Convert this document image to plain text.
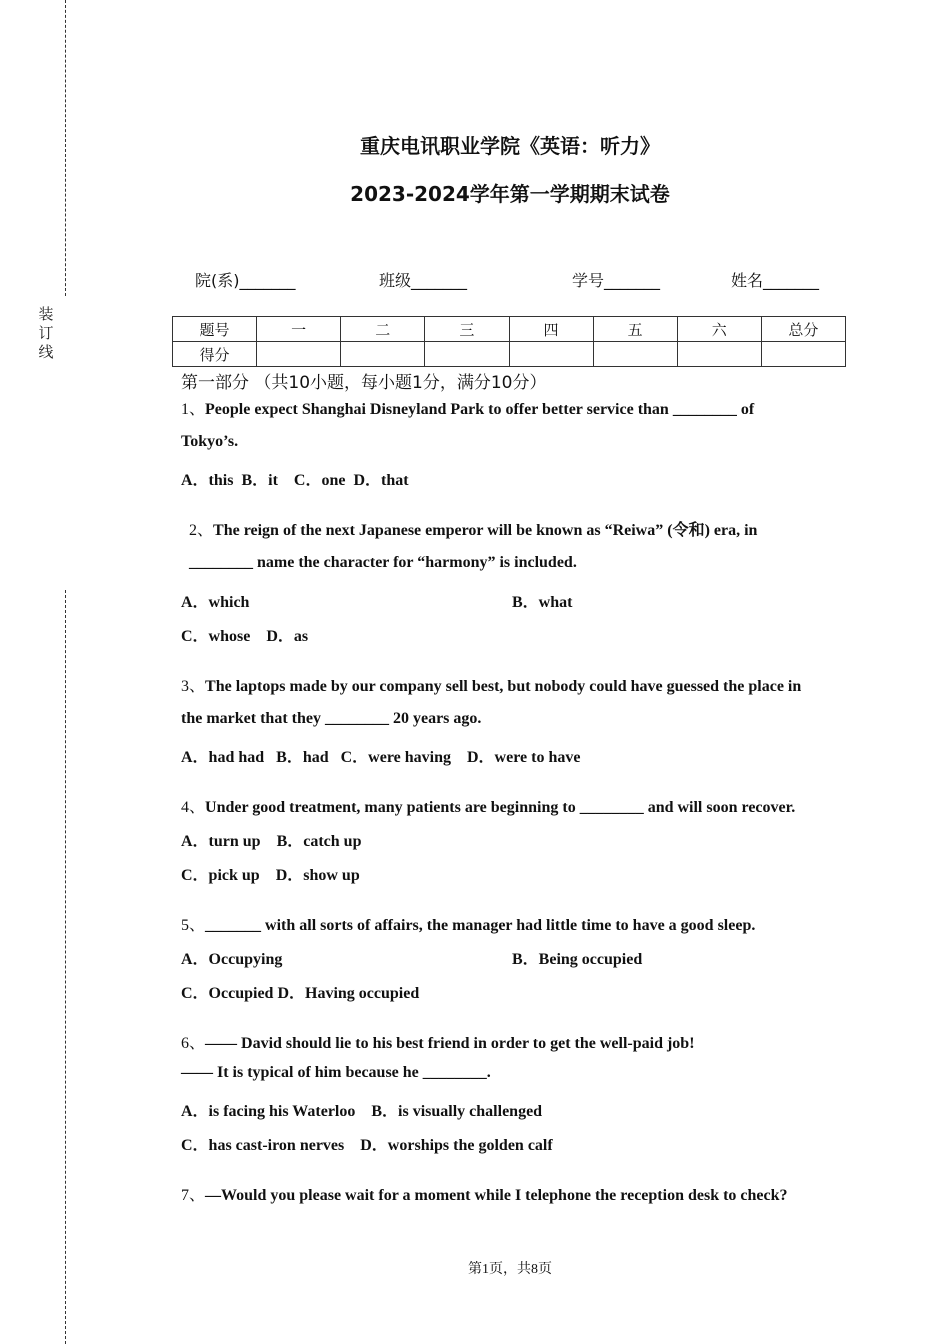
装
订
线
重庆电讯职业学院《英语：听力》
2023-2024学年第一学期期末试卷
院(系)_______	班级_______	学号_______	姓名_______
题号	一	二	三	四	五	六	总分
得分							
第一部分 （共10小题，每小题1分，满分10分）
1、People expect Shanghai Disneyland Park to offer better service than ________ of
Tokyo’s.
A．this  B．it    C．one  D．that
2、The reign of the next Japanese emperor will be known as “Reiwa” (令和) era, in
________ name the character for “harmony” is included.
A．which	B．what
C．whose    D．as
3、The laptops made by our company sell best, but nobody could have guessed the place in
the market that they ________ 20 years ago.
A．had had   B．had   C．were having    D．were to have
4、Under good treatment, many patients are beginning to ________ and will soon recover.
A．turn up    B．catch up
C．pick up    D．show up
5、_______ with all sorts of affairs, the manager had little time to have a good sleep.
A．Occupying	B．Being occupied
C．Occupied D．Having occupied
6、—— David should lie to his best friend in order to get the well-paid job!
—— It is typical of him because he ________.
A．is facing his Waterloo    B．is visually challenged
C．has cast-iron nerves    D．worships the golden calf
7、—Would you please wait for a moment while I telephone the reception desk to check?
第1页，共8页
